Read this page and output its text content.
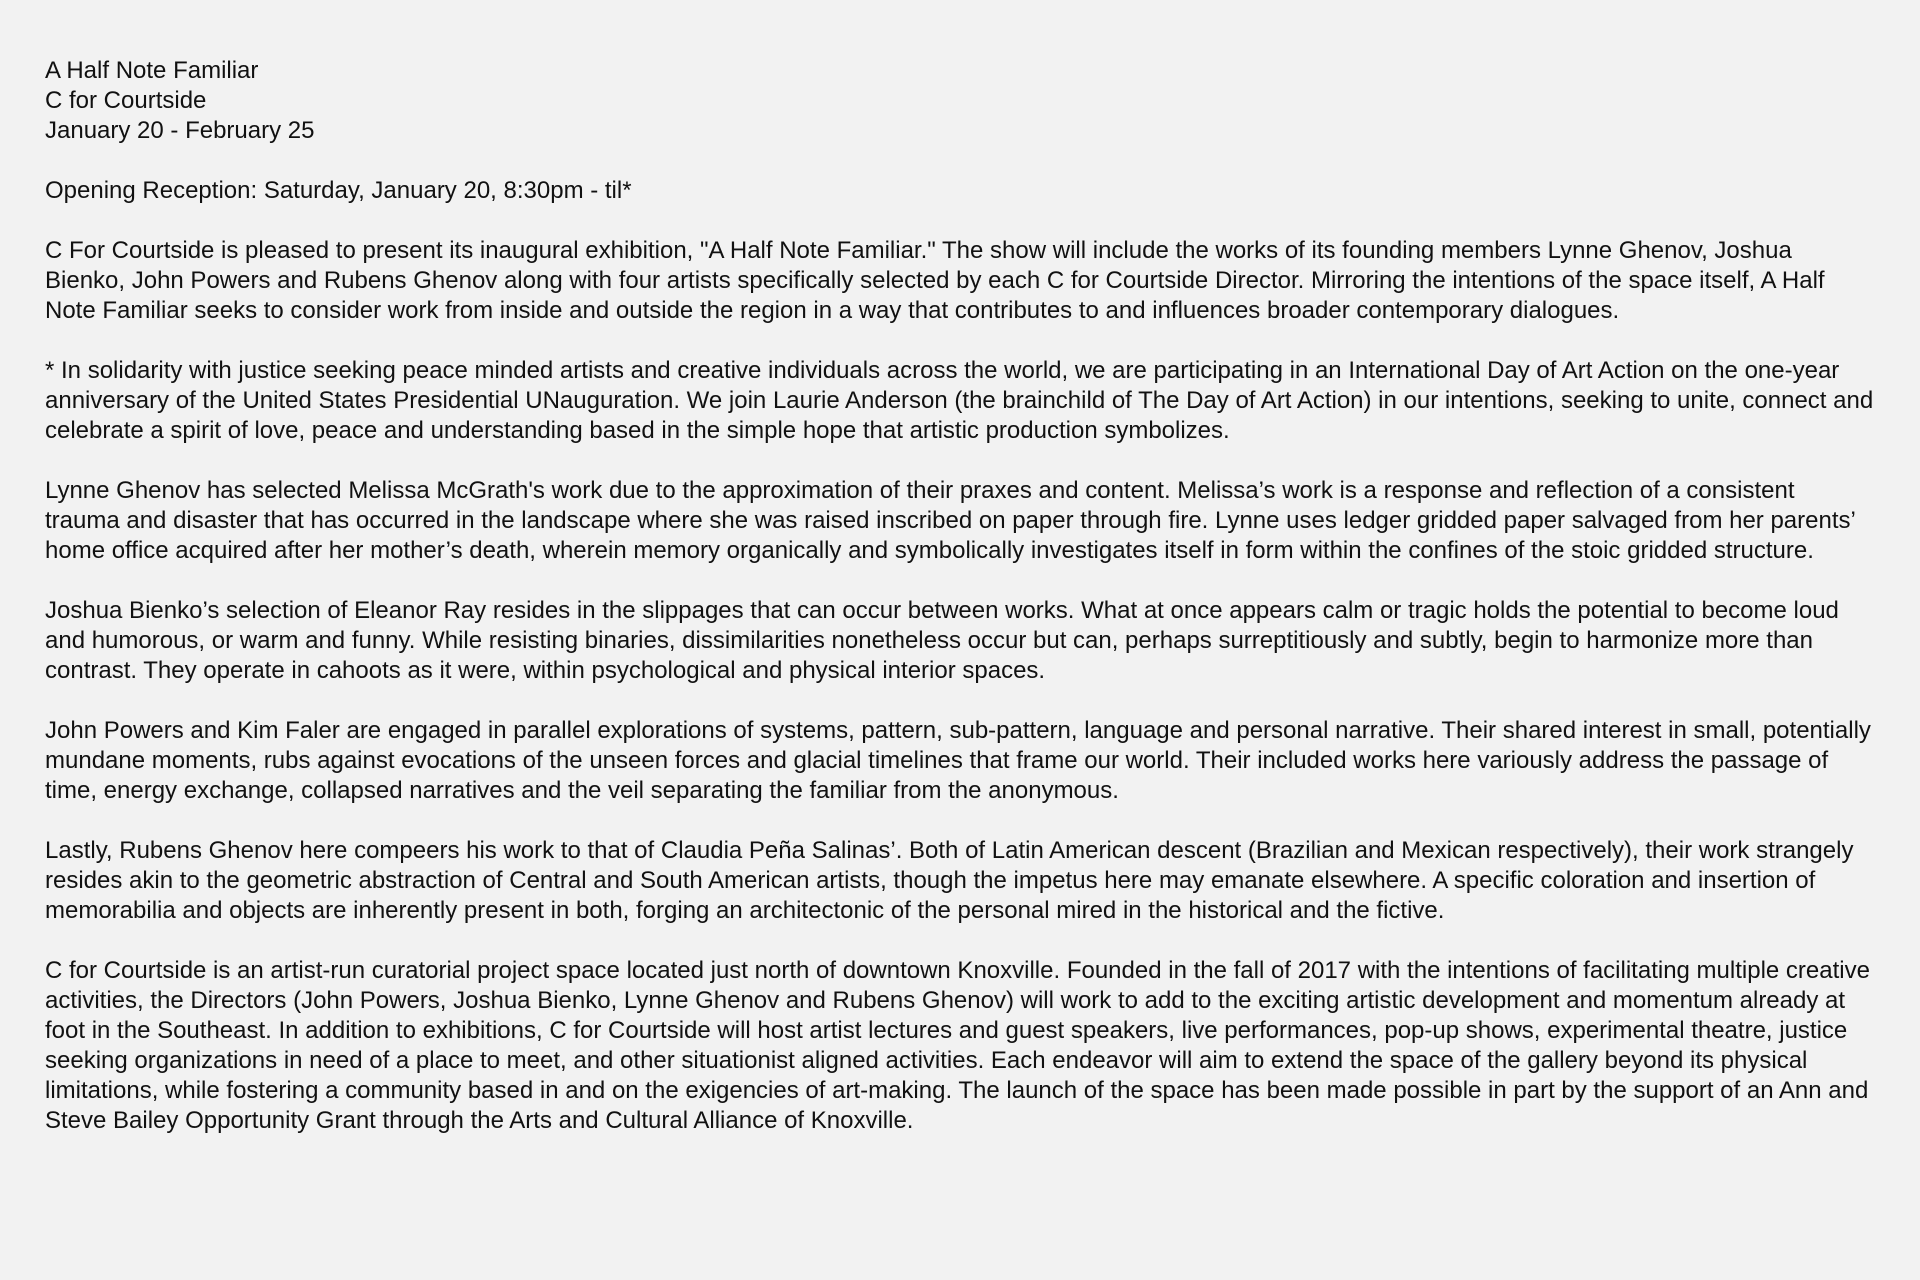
A Half Note Familiar

C for Courtside

January 20 - February 25

Opening Reception: Saturday, January 20, 8:30pm - til*

C For Courtside is pleased to present its inaugural exhibition, "A Half Note Familiar." The show will include the works of its founding members Lynne Ghenov, Joshua Bienko, John Powers and Rubens Ghenov along with four artists specifically selected by each C for Courtside Director. Mirroring the intentions of the space itself, A Half Note Familiar seeks to consider work from inside and outside the region in a way that contributes to and influences broader contemporary dialogues.

* In solidarity with justice seeking peace minded artists and creative individuals across the world, we are participating in an International Day of Art Action on the one-year anniversary of the United States Presidential UNauguration. We join Laurie Anderson (the brainchild of The Day of Art Action) in our intentions, seeking to unite, connect and celebrate a spirit of love, peace and understanding based in the simple hope that artistic production symbolizes.

Lynne Ghenov has selected Melissa McGrath's work due to the approximation of their praxes and content. Melissa’s work is a response and reflection of a consistent trauma and disaster that has occurred in the landscape where she was raised inscribed on paper through fire. Lynne uses ledger gridded paper salvaged from her parents’ home office acquired after her mother’s death, wherein memory organically and symbolically investigates itself in form within the confines of the stoic gridded structure.

Joshua Bienko’s selection of Eleanor Ray resides in the slippages that can occur between works. What at once appears calm or tragic holds the potential to become loud and humorous, or warm and funny. While resisting binaries, dissimilarities nonetheless occur but can, perhaps surreptitiously and subtly, begin to harmonize more than contrast. They operate in cahoots as it were, within psychological and physical interior spaces.

John Powers and Kim Faler are engaged in parallel explorations of systems, pattern, sub-pattern, language and personal narrative. Their shared interest in small, potentially mundane moments, rubs against evocations of the unseen forces and glacial timelines that frame our world. Their included works here variously address the passage of time, energy exchange, collapsed narratives and the veil separating the familiar from the anonymous.

Lastly, Rubens Ghenov here compeers his work to that of Claudia Peña Salinas’. Both of Latin American descent (Brazilian and Mexican respectively), their work strangely resides akin to the geometric abstraction of Central and South American artists, though the impetus here may emanate elsewhere. A specific coloration and insertion of memorabilia and objects are inherently present in both, forging an architectonic of the personal mired in the historical and the fictive.

C for Courtside is an artist-run curatorial project space located just north of downtown Knoxville. Founded in the fall of 2017 with the intentions of facilitating multiple creative activities, the Directors (John Powers, Joshua Bienko, Lynne Ghenov and Rubens Ghenov) will work to add to the exciting artistic development and momentum already at foot in the Southeast. In addition to exhibitions, C for Courtside will host artist lectures and guest speakers, live performances, pop-up shows, experimental theatre, justice seeking organizations in need of a place to meet, and other situationist aligned activities. Each endeavor will aim to extend the space of the gallery beyond its physical limitations, while fostering a community based in and on the exigencies of art-making. The launch of the space has been made possible in part by the support of an Ann and Steve Bailey Opportunity Grant through the Arts and Cultural Alliance of Knoxville.
